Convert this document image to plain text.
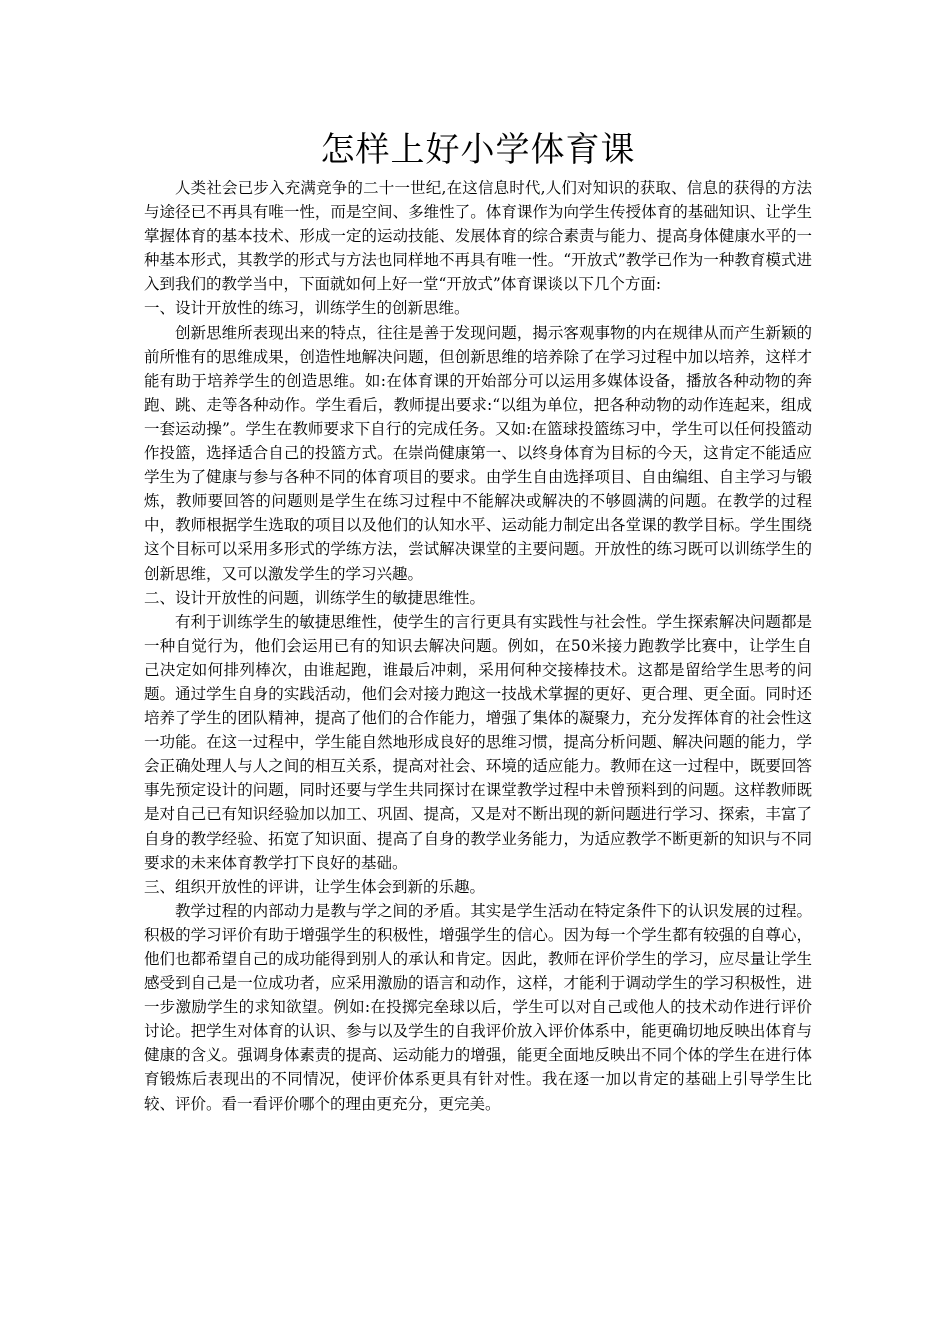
怎样上好小学体育课

人类社会已步入充满竞争的二十一世纪,在这信息时代,人们对知识的获取、信息的获得的方法与途径已不再具有唯一性，而是空间、多维性了。体育课作为向学生传授体育的基础知识、让学生掌握体育的基本技术、形成一定的运动技能、发展体育的综合素责与能力、提高身体健康水平的一种基本形式，其教学的形式与方法也同样地不再具有唯一性。“开放式”教学已作为一种教育模式进入到我们的教学当中，下面就如何上好一堂“开放式”体育课谈以下几个方面:

一、设计开放性的练习，训练学生的创新思维。

创新思维所表现出来的特点，往往是善于发现问题，揭示客观事物的内在规律从而产生新颖的前所惟有的思维成果，创造性地解决问题，但创新思维的培养除了在学习过程中加以培养，这样才能有助于培养学生的创造思维。如:在体育课的开始部分可以运用多媒体设备，播放各种动物的奔跑、跳、走等各种动作。学生看后，教师提出要求:“以组为单位，把各种动物的动作连起来，组成一套运动操”。学生在教师要求下自行的完成任务。又如:在篮球投篮练习中，学生可以任何投篮动作投篮，选择适合自己的投篮方式。在崇尚健康第一、以终身体育为目标的今天，这肯定不能适应学生为了健康与参与各种不同的体育项目的要求。由学生自由选择项目、自由编组、自主学习与锻炼，教师要回答的问题则是学生在练习过程中不能解决或解决的不够圆满的问题。在教学的过程中，教师根据学生选取的项目以及他们的认知水平、运动能力制定出各堂课的教学目标。学生围绕这个目标可以采用多形式的学练方法，尝试解决课堂的主要问题。开放性的练习既可以训练学生的创新思维，又可以激发学生的学习兴趣。

二、设计开放性的问题，训练学生的敏捷思维性。

有利于训练学生的敏捷思维性，使学生的言行更具有实践性与社会性。学生探索解决问题都是一种自觉行为，他们会运用已有的知识去解决问题。例如，在50米接力跑教学比赛中，让学生自己决定如何排列棒次，由谁起跑，谁最后冲刺，采用何种交接棒技术。这都是留给学生思考的问题。通过学生自身的实践活动，他们会对接力跑这一技战术掌握的更好、更合理、更全面。同时还培养了学生的团队精神，提高了他们的合作能力，增强了集体的凝聚力，充分发挥体育的社会性这一功能。在这一过程中，学生能自然地形成良好的思维习惯，提高分析问题、解决问题的能力，学会正确处理人与人之间的相互关系，提高对社会、环境的适应能力。教师在这一过程中，既要回答事先预定设计的问题，同时还要与学生共同探讨在课堂教学过程中未曾预料到的问题。这样教师既是对自己已有知识经验加以加工、巩固、提高，又是对不断出现的新问题进行学习、探索，丰富了自身的教学经验、拓宽了知识面、提高了自身的教学业务能力，为适应教学不断更新的知识与不同要求的未来体育教学打下良好的基础。

三、组织开放性的评讲，让学生体会到新的乐趣。

教学过程的内部动力是教与学之间的矛盾。其实是学生活动在特定条件下的认识发展的过程。积极的学习评价有助于增强学生的积极性，增强学生的信心。因为每一个学生都有较强的自尊心，他们也都希望自己的成功能得到别人的承认和肯定。因此，教师在评价学生的学习，应尽量让学生感受到自己是一位成功者，应采用激励的语言和动作，这样，才能利于调动学生的学习积极性，进一步激励学生的求知欲望。例如:在投掷完垒球以后，学生可以对自己或他人的技术动作进行评价讨论。把学生对体育的认识、参与以及学生的自我评价放入评价体系中，能更确切地反映出体育与健康的含义。强调身体素责的提高、运动能力的增强，能更全面地反映出不同个体的学生在进行体育锻炼后表现出的不同情况，使评价体系更具有针对性。我在逐一加以肯定的基础上引导学生比较、评价。看一看评价哪个的理由更充分，更完美。
